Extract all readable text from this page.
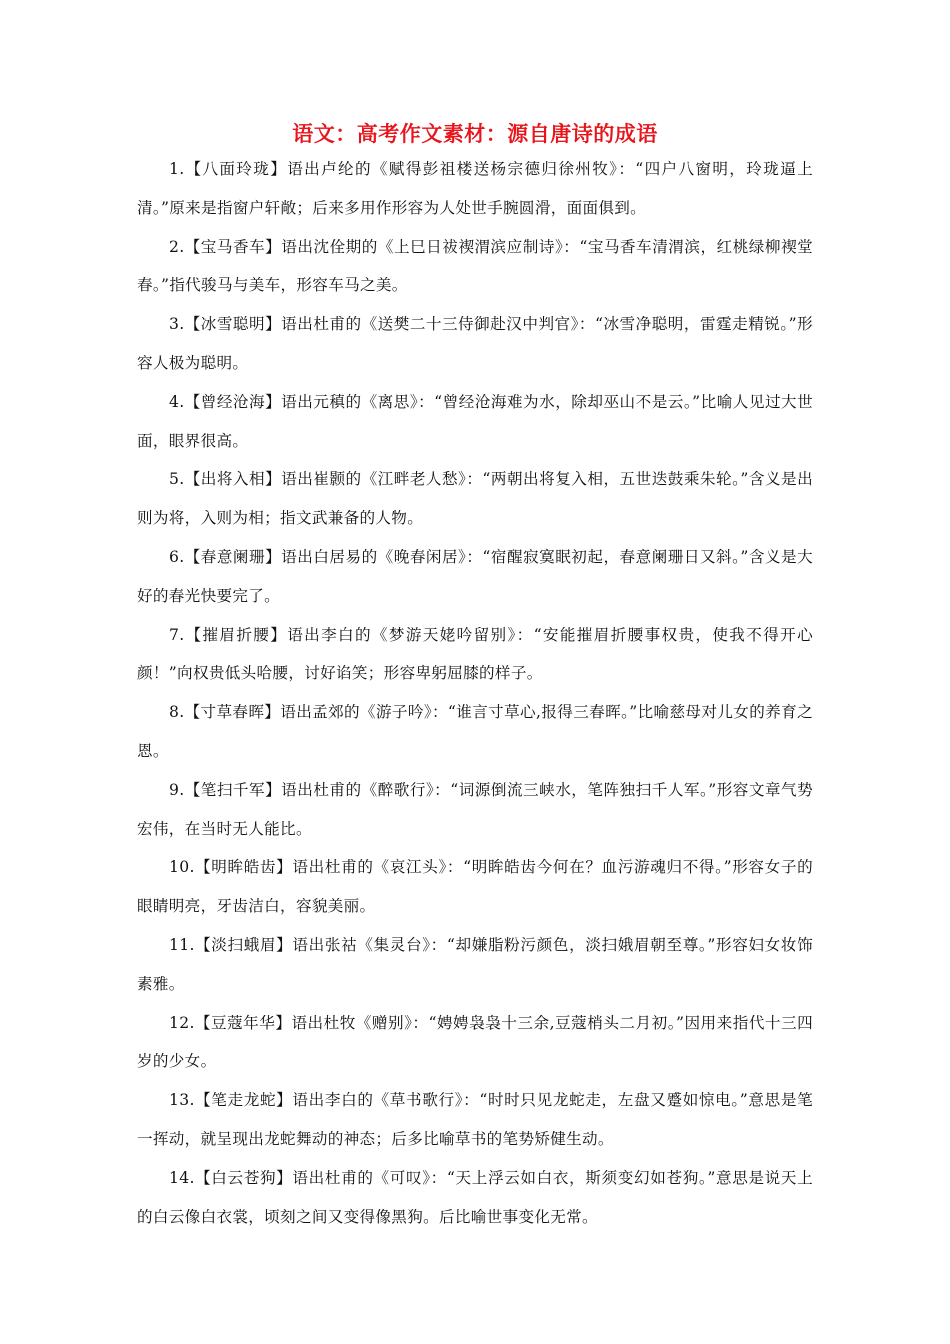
语文：高考作文素材：源自唐诗的成语

1.【八面玲珑】语出卢纶的《赋得彭祖楼送杨宗德归徐州牧》：“四户八窗明，玲珑逼上清。”原来是指窗户轩敞；后来多用作形容为人处世手腕圆滑，面面俱到。

2.【宝马香车】语出沈佺期的《上巳日祓禊渭滨应制诗》：“宝马香车清渭滨，红桃绿柳禊堂春。”指代骏马与美车，形容车马之美。

3.【冰雪聪明】语出杜甫的《送樊二十三侍御赴汉中判官》：“冰雪净聪明，雷霆走精锐。”形容人极为聪明。

4.【曾经沧海】语出元稹的《离思》：“曾经沧海难为水，除却巫山不是云。”比喻人见过大世面，眼界很高。

5.【出将入相】语出崔颢的《江畔老人愁》：“两朝出将复入相，五世迭鼓乘朱轮。”含义是出则为将，入则为相；指文武兼备的人物。

6.【春意阑珊】语出白居易的《晚春闲居》：“宿醒寂寞眠初起，春意阑珊日又斜。”含义是大好的春光快要完了。

7.【摧眉折腰】语出李白的《梦游天姥吟留别》：“安能摧眉折腰事权贵，使我不得开心颜！”向权贵低头哈腰，讨好谄笑；形容卑躬屈膝的样子。

8.【寸草春晖】语出孟郊的《游子吟》：“谁言寸草心,报得三春晖。”比喻慈母对儿女的养育之恩。

9.【笔扫千军】语出杜甫的《醉歌行》：“词源倒流三峡水，笔阵独扫千人军。”形容文章气势宏伟，在当时无人能比。

10.【明眸皓齿】语出杜甫的《哀江头》：“明眸皓齿今何在？血污游魂归不得。”形容女子的眼睛明亮，牙齿洁白，容貌美丽。

11.【淡扫蛾眉】语出张祜《集灵台》：“却嫌脂粉污颜色，淡扫娥眉朝至尊。”形容妇女妆饰素雅。

12.【豆蔻年华】语出杜牧《赠别》：“娉娉袅袅十三余,豆蔻梢头二月初。”因用来指代十三四岁的少女。

13.【笔走龙蛇】语出李白的《草书歌行》：“时时只见龙蛇走，左盘又蹙如惊电。”意思是笔一挥动，就呈现出龙蛇舞动的神态；后多比喻草书的笔势矫健生动。

14.【白云苍狗】语出杜甫的《可叹》：“天上浮云如白衣，斯须变幻如苍狗。”意思是说天上的白云像白衣裳，顷刻之间又变得像黑狗。后比喻世事变化无常。
